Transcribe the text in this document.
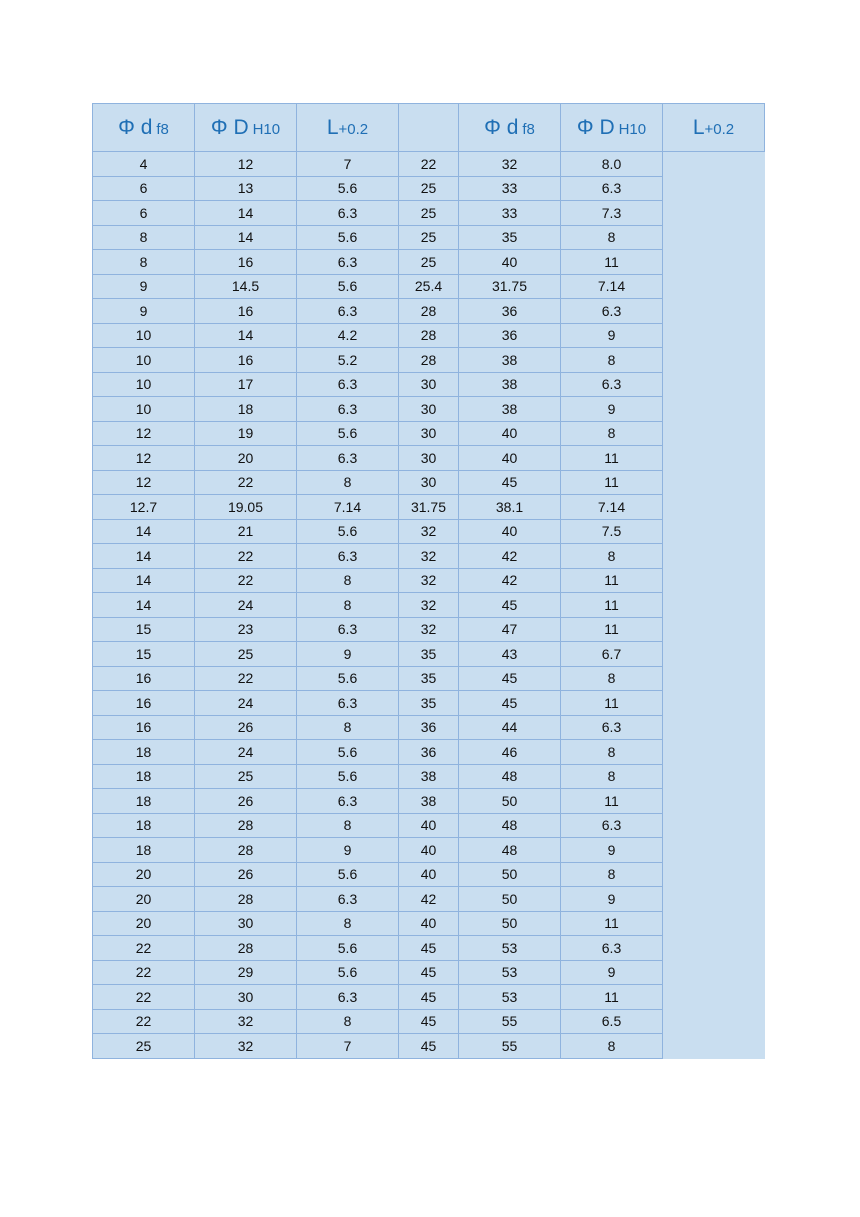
Φ d f8	Φ D H10	L+0.2		Φ d f8	Φ D H10	L+0.2
4	12	7	22	32	8.0	
6	13	5.6	25	33	6.3	
6	14	6.3	25	33	7.3	
8	14	5.6	25	35	8	
8	16	6.3	25	40	11	
9	14.5	5.6	25.4	31.75	7.14	
9	16	6.3	28	36	6.3	
10	14	4.2	28	36	9	
10	16	5.2	28	38	8	
10	17	6.3	30	38	6.3	
10	18	6.3	30	38	9	
12	19	5.6	30	40	8	
12	20	6.3	30	40	11	
12	22	8	30	45	11	
12.7	19.05	7.14	31.75	38.1	7.14	
14	21	5.6	32	40	7.5	
14	22	6.3	32	42	8	
14	22	8	32	42	11	
14	24	8	32	45	11	
15	23	6.3	32	47	11	
15	25	9	35	43	6.7	
16	22	5.6	35	45	8	
16	24	6.3	35	45	11	
16	26	8	36	44	6.3	
18	24	5.6	36	46	8	
18	25	5.6	38	48	8	
18	26	6.3	38	50	11	
18	28	8	40	48	6.3	
18	28	9	40	48	9	
20	26	5.6	40	50	8	
20	28	6.3	42	50	9	
20	30	8	40	50	11	
22	28	5.6	45	53	6.3	
22	29	5.6	45	53	9	
22	30	6.3	45	53	11	
22	32	8	45	55	6.5	
25	32	7	45	55	8	
